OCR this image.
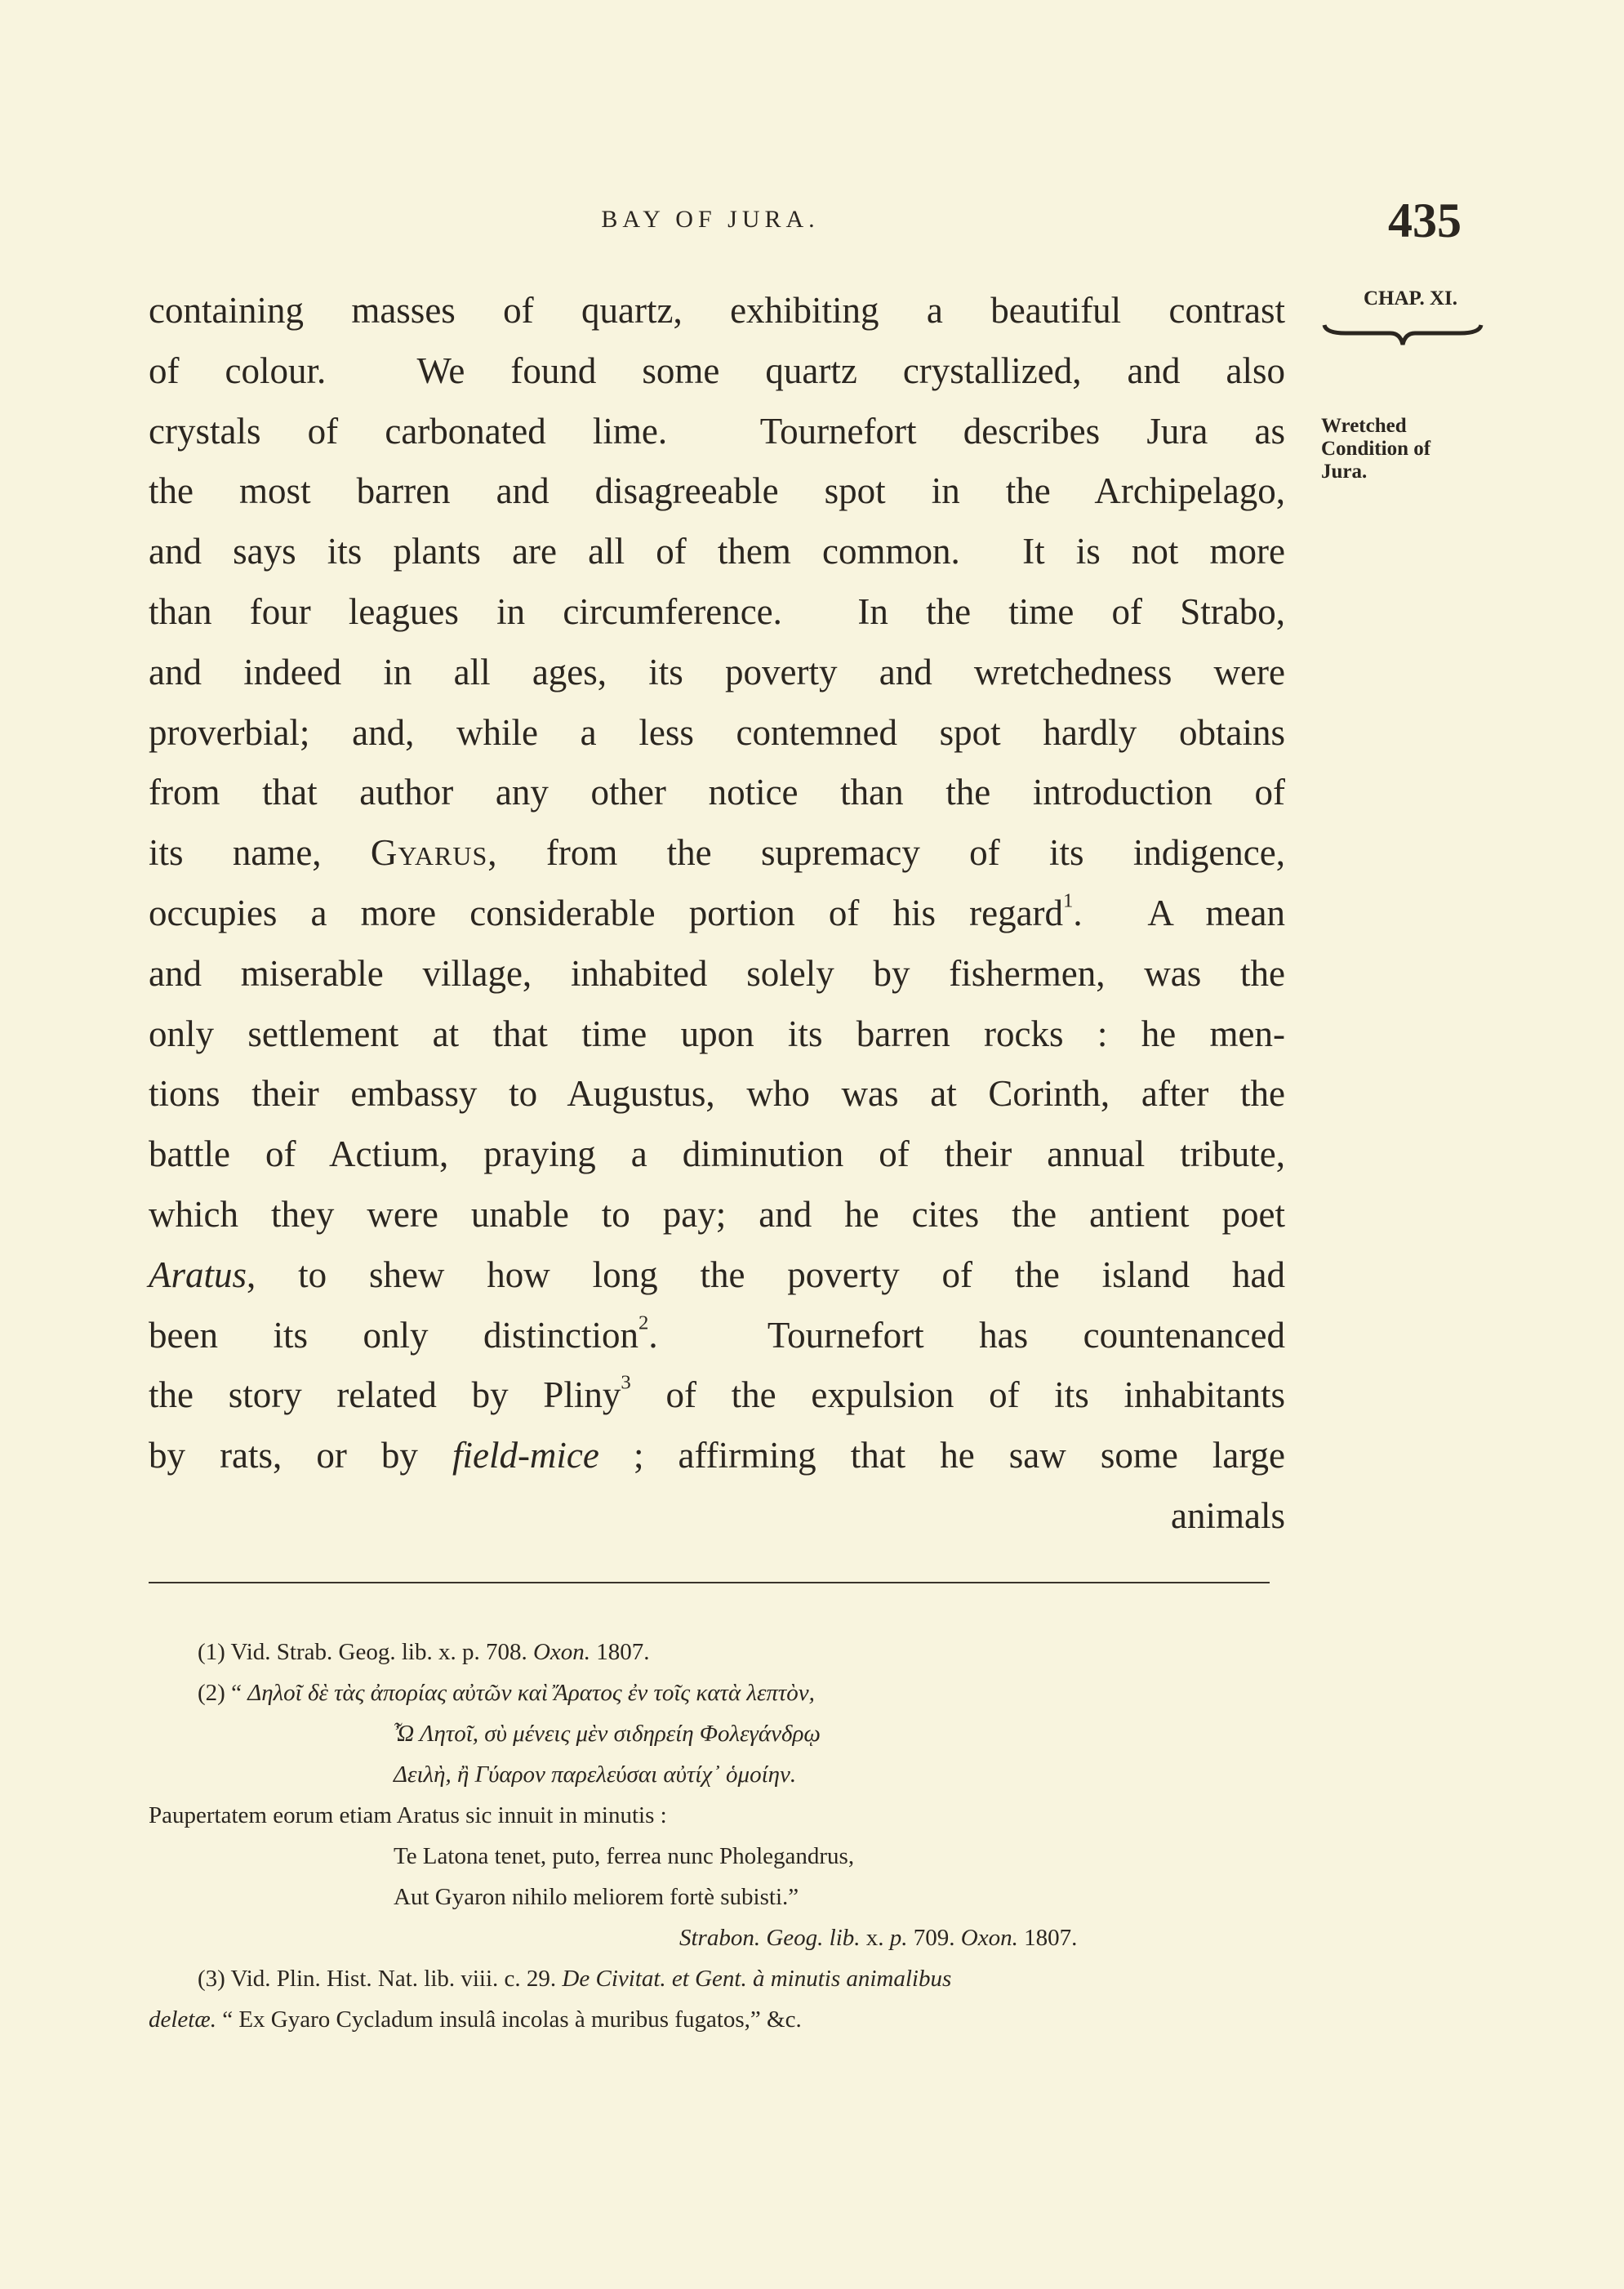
BAY OF JURA.	435
CHAP. XI.
Wretched
Condition of
Jura.
containing masses of quartz, exhibiting a beautiful contrast
of colour.  We found some quartz crystallized, and also
crystals of carbonated lime.  Tournefort describes Jura as
the most barren and disagreeable spot in the Archipelago,
and says its plants are all of them common.  It is not more
than four leagues in circumference.  In the time of Strabo,
and indeed in all ages, its poverty and wretchedness were
proverbial; and, while a less contemned spot hardly obtains
from that author any other notice than the introduction of
its name, Gyarus, from the supremacy of its indigence,
occupies a more considerable portion of his regard$^1$.  A mean
and miserable village, inhabited solely by fishermen, was the
only settlement at that time upon its barren rocks : he men-
tions their embassy to Augustus, who was at Corinth, after the
battle of Actium, praying a diminution of their annual tribute,
which they were unable to pay; and he cites the antient poet
Aratus, to shew how long the poverty of the island had
been its only distinction$^2$.  Tournefort has countenanced
the story related by Pliny$^3$ of the expulsion of its inhabitants
by rats, or by field-mice ; affirming that he saw some large
animals
(1) Vid. Strab. Geog. lib. x. p. 708. Oxon. 1807.
(2) “ Δηλοῖ δὲ τὰς ἀπορίας αὐτῶν καὶ Ἄρατος ἐν τοῖς κατὰ λεπτὸν,
Ὦ Λητοῖ, σὺ μένεις μὲν σιδηρείη Φολεγάνδρῳ
Δειλὴ, ἢ Γύαρον παρελεύσαι αὐτίχ᾽ ὁμοίην.
Paupertatem eorum etiam Aratus sic innuit in minutis :
Te Latona tenet, puto, ferrea nunc Pholegandrus,
Aut Gyaron nihilo meliorem fortè subisti.”
Strabon. Geog. lib. x. p. 709. Oxon. 1807.
(3) Vid. Plin. Hist. Nat. lib. viii. c. 29. De Civitat. et Gent. à minutis animalibus
deletæ. “ Ex Gyaro Cycladum insulâ incolas à muribus fugatos,” &c.
